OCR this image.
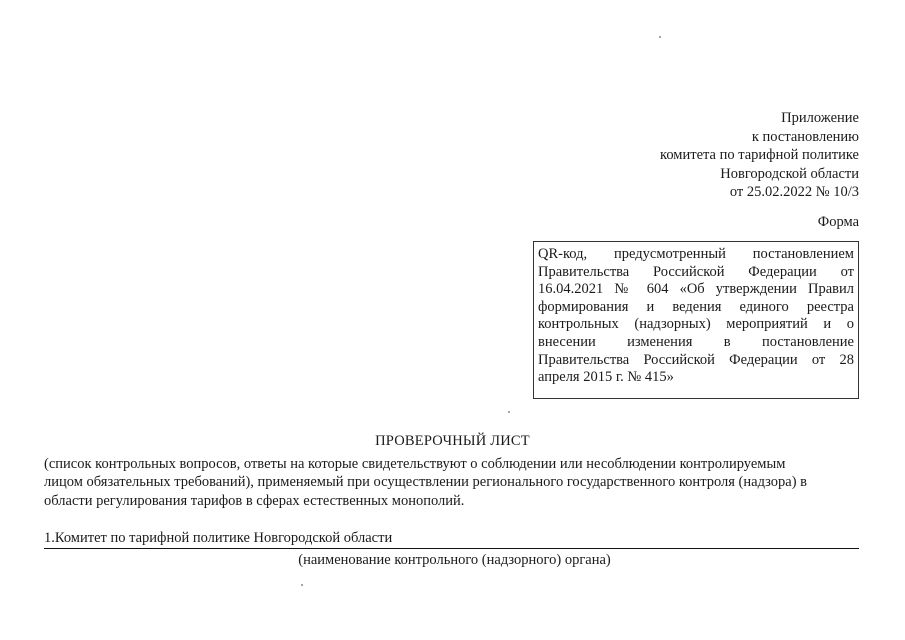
Приложение
к постановлению
комитета по тарифной политике
Новгородской области
от 25.02.2022 № 10/3
Форма
QR-код, предусмотренный постановлением
Правительства Российской Федерации от
16.04.2021 № 604 «Об утверждении Правил
формирования и ведения единого реестра
контрольных (надзорных) мероприятий и о
внесении изменения в постановление
Правительства Российской Федерации от 28
апреля 2015 г. № 415»
ПРОВЕРОЧНЫЙ ЛИСТ
(список контрольных вопросов, ответы на которые свидетельствуют о соблюдении или несоблюдении контролируемым
лицом обязательных требований), применяемый при осуществлении регионального государственного контроля (надзора) в
области регулирования тарифов в сферах естественных монополий.
1.Комитет по тарифной политике Новгородской области
(наименование контрольного (надзорного) органа)
